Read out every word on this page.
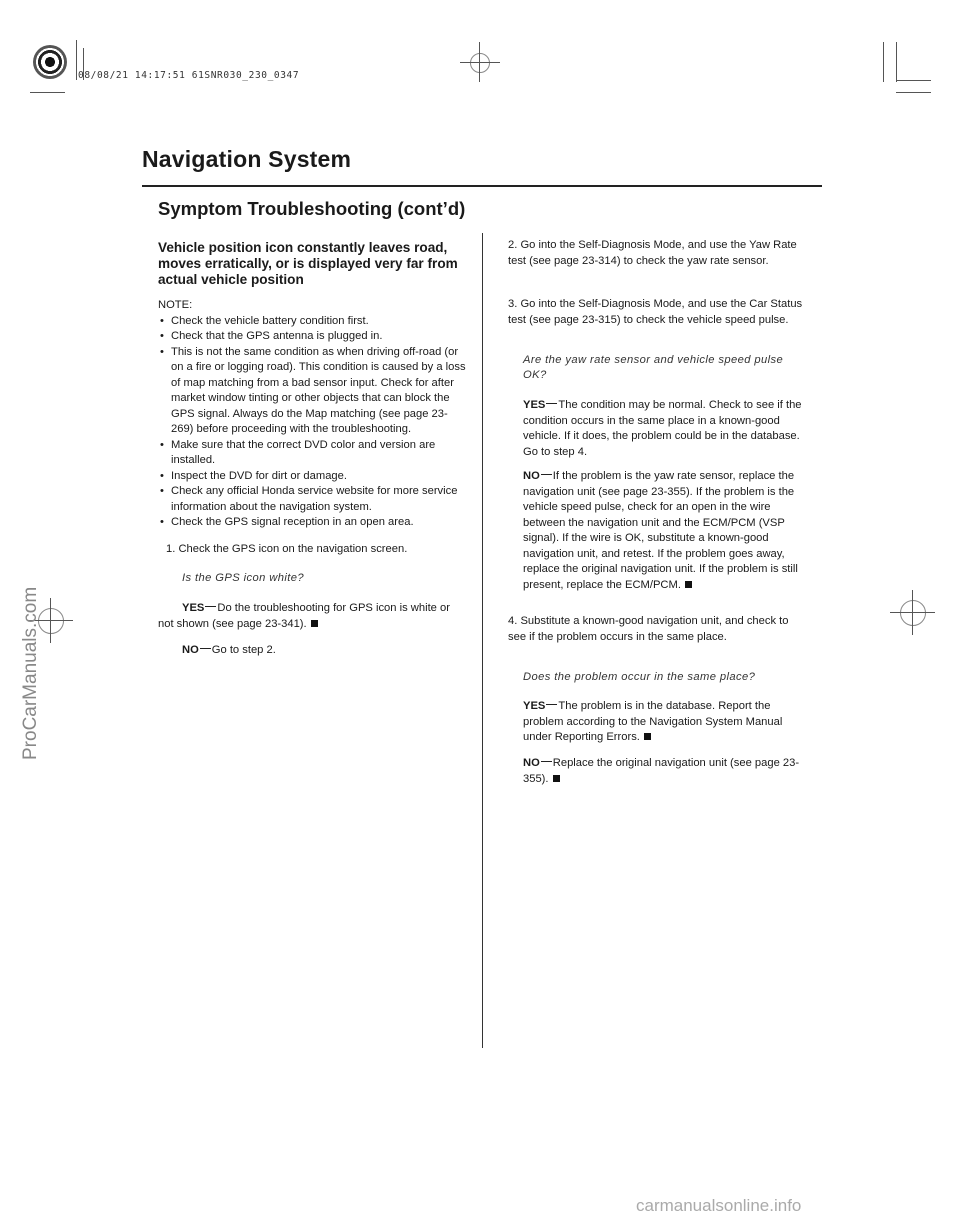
08/08/21 14:17:51 61SNR030_230_0347
Navigation System
Symptom Troubleshooting (cont’d)
Vehicle position icon constantly leaves road, moves erratically, or is displayed very far from actual vehicle position

NOTE:

• Check the vehicle battery condition first.
• Check that the GPS antenna is plugged in.
• This is not the same condition as when driving off-road (or on a fire or logging road). This condition is caused by a loss of map matching from a bad sensor input. Check for after market window tinting or other objects that can block the GPS signal. Always do the Map matching (see page 23-269) before proceeding with the troubleshooting.
• Make sure that the correct DVD color and version are installed.
• Inspect the DVD for dirt or damage.
• Check any official Honda service website for more service information about the navigation system.
• Check the GPS signal reception in an open area.
1. Check the GPS icon on the navigation screen.
Is the GPS icon white?
YES Do the troubleshooting for GPS icon is white or not shown (see page 23-341).
NO Go to step 2.
2. Go into the Self-Diagnosis Mode, and use the Yaw Rate test (see page 23-314) to check the yaw rate sensor.
3. Go into the Self-Diagnosis Mode, and use the Car Status test (see page 23-315) to check the vehicle speed pulse.
Are the yaw rate sensor and vehicle speed pulse OK?
YES The condition may be normal. Check to see if the condition occurs in the same place in a known-good vehicle. If it does, the problem could be in the database. Go to step 4.
NO If the problem is the yaw rate sensor, replace the navigation unit (see page 23-355). If the problem is the vehicle speed pulse, check for an open in the wire between the navigation unit and the ECM/PCM (VSP signal). If the wire is OK, substitute a known-good navigation unit, and retest. If the problem goes away, replace the original navigation unit. If the problem is still present, replace the ECM/PCM.
4. Substitute a known-good navigation unit, and check to see if the problem occurs in the same place.
Does the problem occur in the same place?
YES The problem is in the database. Report the problem according to the Navigation System Manual under Reporting Errors.
NO Replace the original navigation unit (see page 23-355).
ProCarManuals.com
carmanualsonline.info
